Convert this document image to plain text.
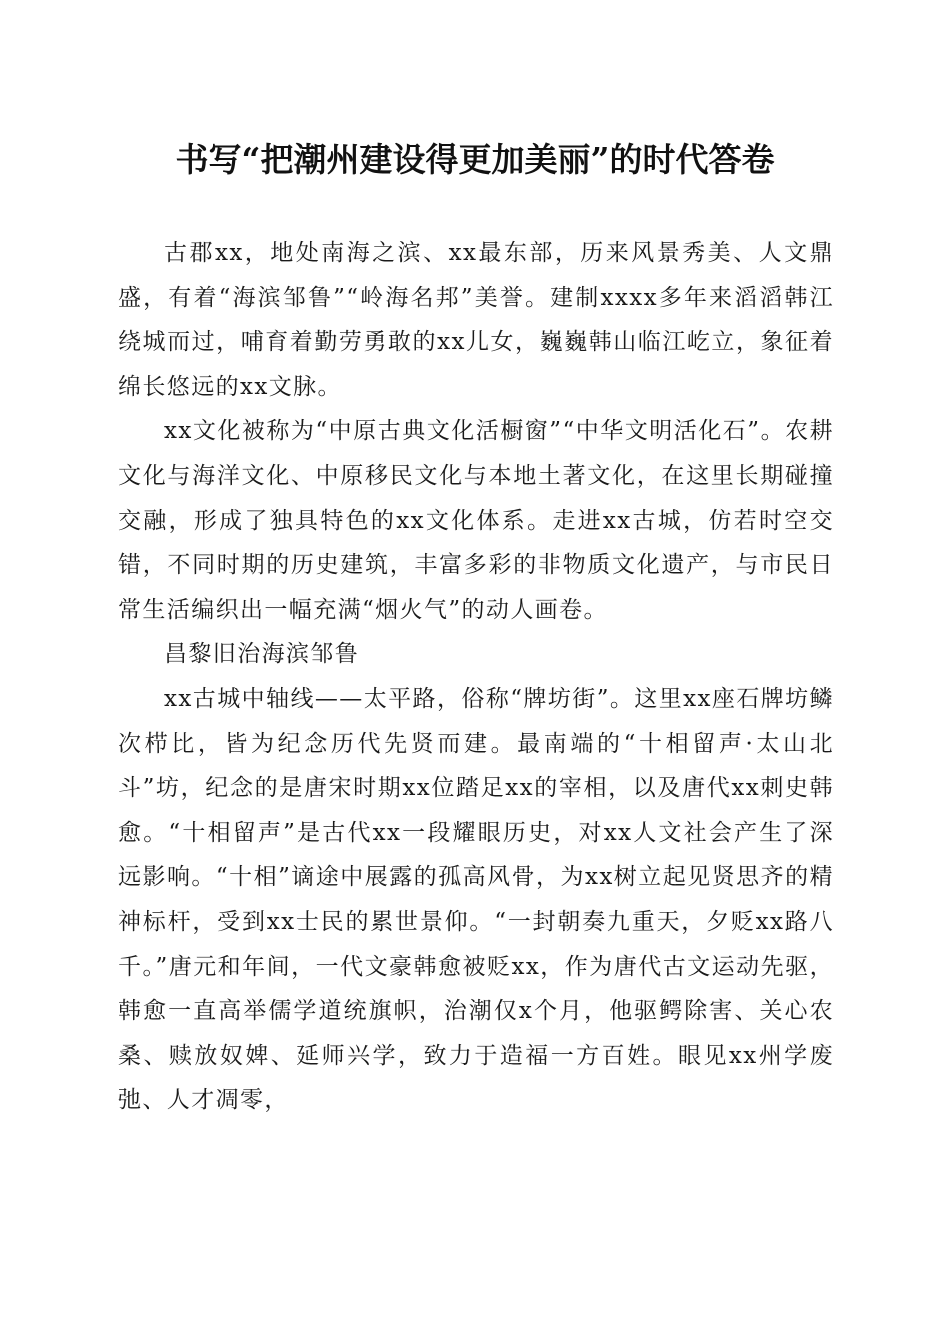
书写“把潮州建设得更加美丽”的时代答卷

古郡xx，地处南海之滨、xx最东部，历来风景秀美、人文鼎盛，有着“海滨邹鲁”“岭海名邦”美誉。建制xxxx多年来滔滔韩江绕城而过，哺育着勤劳勇敢的xx儿女，巍巍韩山临江屹立，象征着绵长悠远的xx文脉。

xx文化被称为“中原古典文化活橱窗”“中华文明活化石”。农耕文化与海洋文化、中原移民文化与本地土著文化，在这里长期碰撞交融，形成了独具特色的xx文化体系。走进xx古城，仿若时空交错，不同时期的历史建筑，丰富多彩的非物质文化遗产，与市民日常生活编织出一幅充满“烟火气”的动人画卷。

昌黎旧治海滨邹鲁

xx古城中轴线——太平路，俗称“牌坊街”。这里xx座石牌坊鳞次栉比，皆为纪念历代先贤而建。最南端的“十相留声·太山北斗”坊，纪念的是唐宋时期xx位踏足xx的宰相，以及唐代xx刺史韩愈。“十相留声”是古代xx一段耀眼历史，对xx人文社会产生了深远影响。“十相”谪途中展露的孤高风骨，为xx树立起见贤思齐的精神标杆，受到xx士民的累世景仰。“一封朝奏九重天，夕贬xx路八千。”唐元和年间，一代文豪韩愈被贬xx，作为唐代古文运动先驱，韩愈一直高举儒学道统旗帜，治潮仅x个月，他驱鳄除害、关心农桑、赎放奴婢、延师兴学，致力于造福一方百姓。眼见xx州学废弛、人才凋零，
